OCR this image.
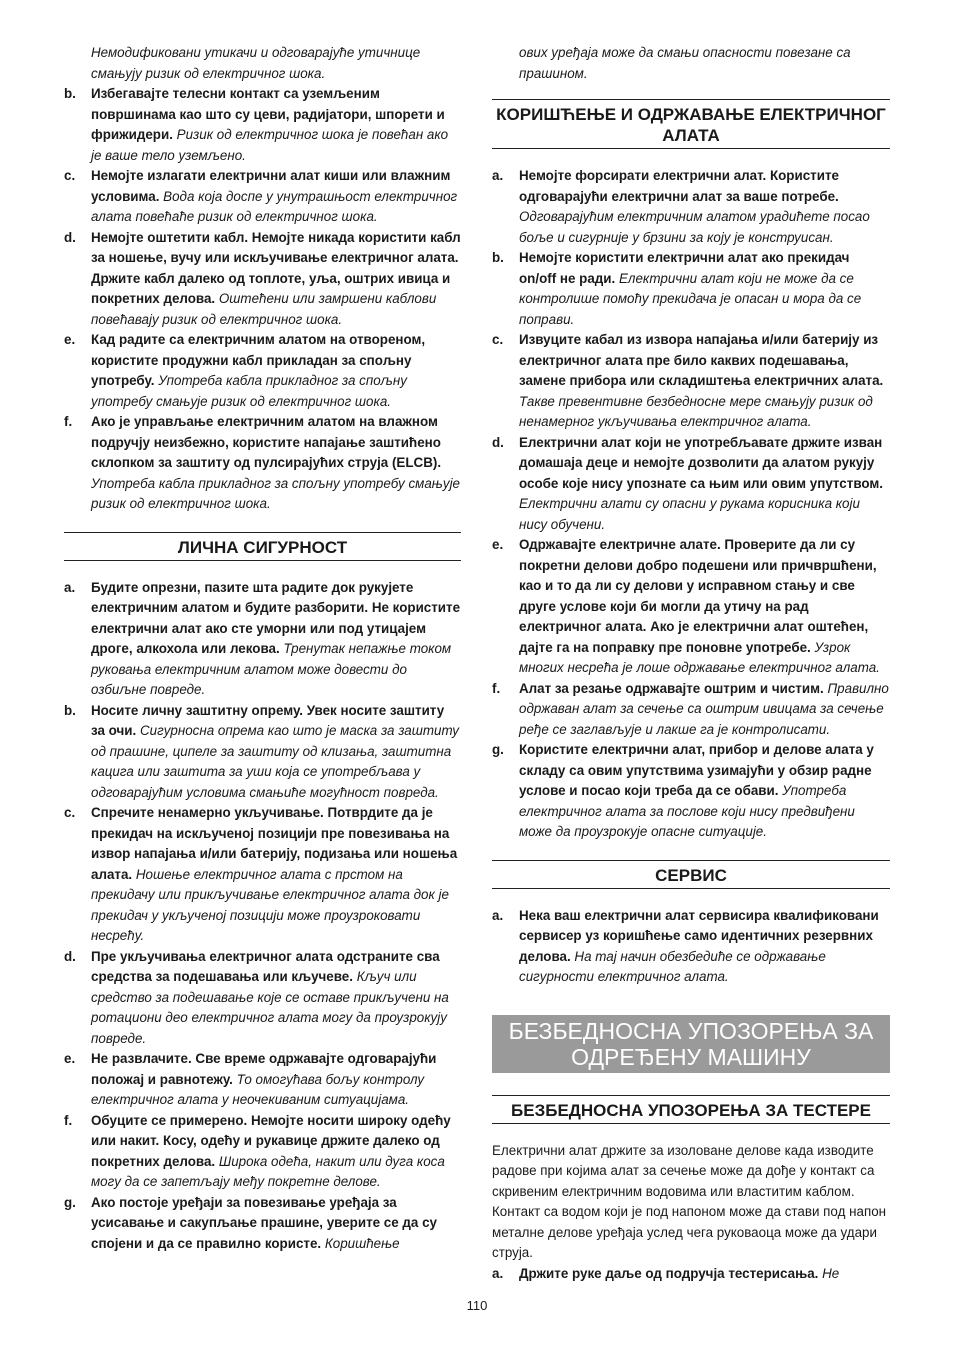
Немодификовани утикачи и одговарајуће утичнице смањују ризик од електричног шока.
b.	Избегавајте телесни контакт са уземљеним површинама као што су цеви, радијатори, шпорети и фрижидери. Ризик од електричног шока је повећан ако је ваше тело уземљено.
c.	Немојте излагати електрични алат киши или влажним условима. Вода која доспе у унутрашњост електричног алата повећаће ризик од електричног шока.
d.	Немојте оштетити кабл. Немојте никада користити кабл за ношење, вучу или искључивање електричног алата. Држите кабл далеко од топлоте, уља, оштрих ивица и покретних делова. Оштећени или замршени каблови повећавају ризик од електричног шока.
e.	Кад радите са електричним алатом на отвореном, користите продужни кабл прикладан за спољну употребу. Употреба кабла прикладног за спољну употребу смањује ризик од електричног шока.
f.	Ако је управљање електричним алатом на влажном подручју неизбежно, користите напајање заштићено склопком за заштиту од пулсирајућих струја (ELCB). Употреба кабла прикладног за спољну употребу смањује ризик од електричног шока.
ЛИЧНА СИГУРНОСТ
a.	Будите опрезни, пазите шта радите док рукујете електричним алатом и будите разборити. Не користите електрични алат ако сте уморни или под утицајем дроге, алкохола или лекова. Тренутак непажње током руковања електричним алатом може довести до озбиљне повреде.
b.	Носите личну заштитну опрему. Увек носите заштиту за очи. Сигурносна опрема као што је маска за заштиту од прашине, ципеле за заштиту од клизања, заштитна кацига или заштита за уши која се употребљава у одговарајућим условима смањиће могућност повреда.
c.	Спречите ненамерно укључивање. Потврдите да је прекидач на искљученој позицији пре повезивања на извор напајања и/или батерију, подизања или ношења алата. Ношење електричног алата с прстом на прекидачу или прикључивање електричног алата док је прекидач у укљученој позицији може проузроковати несрећу.
d.	Пре укључивања електричног алата одстраните сва средства за подешавања или кључеве. Кључ или средство за подешавање које се оставе прикључени на ротациони део електричног алата могу да проузрокују повреде.
e.	Не развлачите. Све време одржавајте одговарајући положај и равнотежу. То омогућава бољу контролу електричног алата у неочекиваним ситуацијама.
f.	Обуците се примерено. Немојте носити широку одећу или накит. Косу, одећу и рукавице држите далеко од покретних делова. Широка одећа, накит или дуга коса могу да се запетљају међу покретне делове.
g.	Ако постоје уређаји за повезивање уређаја за усисавање и сакупљање прашине, уверите се да су спојени и да се правилно користе. Коришћење
ових уређаја може да смањи опасности повезане са прашином.
КОРИШЋЕЊЕ И ОДРЖАВАЊЕ ЕЛЕКТРИЧНОГ АЛАТА
a.	Немојте форсирати електрични алат. Користите одговарајући електрични алат за ваше потребе. Одговарајућим електричним алатом урадићете посао боље и сигурније у брзини за коју је конструисан.
b.	Немојте користити електрични алат ако прекидач on/off не ради. Електрични алат који не може да се контролише помоћу прекидача је опасан и мора да се поправи.
c.	Извуците кабал из извора напајања и/или батерију из електричног алата пре било каквих подешавања, замене прибора или складиштења електричних алата. Такве превентивне безбедносне мере смањују ризик од ненамерног укључивања електричног алата.
d.	Електрични алат који не употребљавате држите изван домашаја деце и немојте дозволити да алатом рукују особе које нису упознате са њим или овим упутством. Електрични алати су опасни у рукама корисника који нису обучени.
e.	Одржавајте електричне алате. Проверите да ли су покретни делови добро подешени или причвршћени, као и то да ли су делови у исправном стању и све друге услове који би могли да утичу на рад електричног алата. Ако је електрични алат оштећен, дајте га на поправку пре поновне употребе. Узрок многих несрећа је лоше одржавање електричног алата.
f.	Алат за резање одржавајте оштрим и чистим. Правилно одржаван алат за сечење са оштрим ивицама за сечење ређе се заглављује и лакше га је контролисати.
g.	Користите електрични алат, прибор и делове алата у складу са овим упутствима узимајући у обзир радне услове и посао који треба да се обави. Употреба електричног алата за послове који нису предвиђени може да проузрокује опасне ситуације.
СЕРВИС
a.	Нека ваш електрични алат сервисира квалификовани сервисер уз коришћење само идентичних резервних делова. На тај начин обезбедиће се одржавање сигурности електричног алата.
БЕЗБЕДНОСНА УПОЗОРЕЊА ЗА ОДРЕЂЕНУ МАШИНУ
БЕЗБЕДНОСНА УПОЗОРЕЊА ЗА ТЕСТЕРЕ
Електрични алат држите за изоловане делове када изводите радове при којима алат за сечење може да дође у контакт са скривеним електричним водовима или властитим каблом. Контакт са водом који је под напоном може да стави под напон металне делове уређаја услед чега руковаоца може да удари струја.
a.	Држите руке даље од подручја тестерисања. Не
110
